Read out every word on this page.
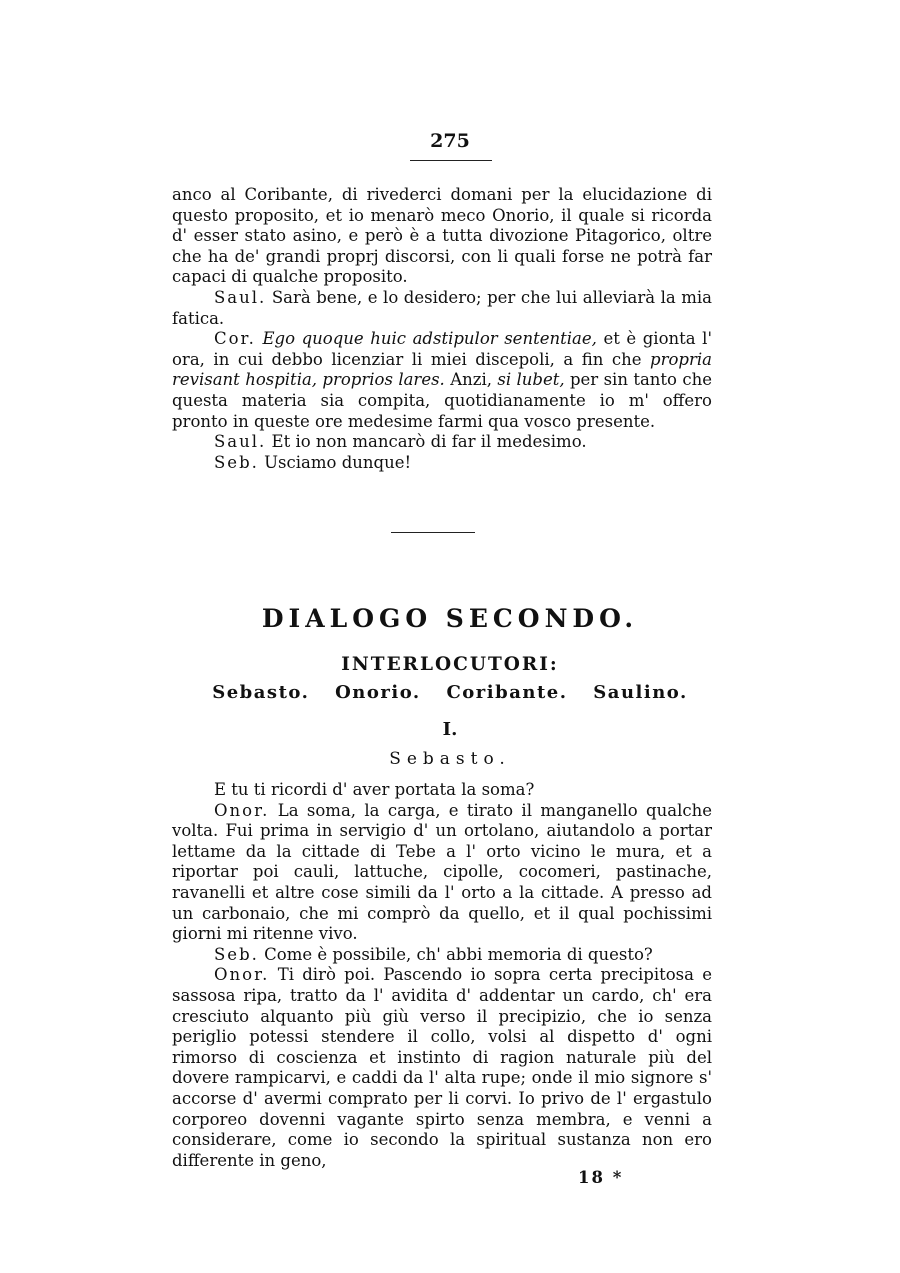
275

anco al Coribante, di rivederci domani per la elucidazione di questo proposito, et io menarò meco Onorio, il quale si ricorda d' esser stato asino, e però è a tutta divozione Pitagorico, oltre che ha de' grandi proprj discorsi, con li quali forse ne potrà far capaci di qualche proposito.

Saul. Sarà bene, e lo desidero; per che lui alleviarà la mia fatica.

Cor. Ego quoque huic adstipulor sententiae, et è gionta l' ora, in cui debbo licenziar li miei discepoli, a fin che propria revisant hospitia, proprios lares. Anzi, si lubet, per sin tanto che questa materia sia compita, quotidianamente io m' offero pronto in queste ore medesime farmi qua vosco presente.

Saul. Et io non mancarò di far il medesimo.

Seb. Usciamo dunque!

DIALOGO SECONDO.
INTERLOCUTORI:
Sebasto. Onorio. Coribante. Saulino.
I.
Sebasto.

E tu ti ricordi d' aver portata la soma?

Onor. La soma, la carga, e tirato il manganello qualche volta. Fui prima in servigio d' un ortolano, aiutandolo a portar lettame da la cittade di Tebe a l' orto vicino le mura, et a riportar poi cauli, lattuche, cipolle, cocomeri, pastinache, ravanelli et altre cose simili da l' orto a la cittade. A presso ad un carbonaio, che mi comprò da quello, et il qual pochissimi giorni mi ritenne vivo.

Seb. Come è possibile, ch' abbi memoria di questo?

Onor. Ti dirò poi. Pascendo io sopra certa precipitosa e sassosa ripa, tratto da l' avidita d' addentar un cardo, ch' era cresciuto alquanto più giù verso il precipizio, che io senza periglio potessi stendere il collo, volsi al dispetto d' ogni rimorso di coscienza et instinto di ragion naturale più del dovere rampicarvi, e caddi da l' alta rupe; onde il mio signore s' accorse d' avermi comprato per li corvi. Io privo de l' ergastulo corporeo dovenni vagante spirto senza membra, e venni a considerare, come io secondo la spiritual sustanza non ero differente in geno,

18 *
